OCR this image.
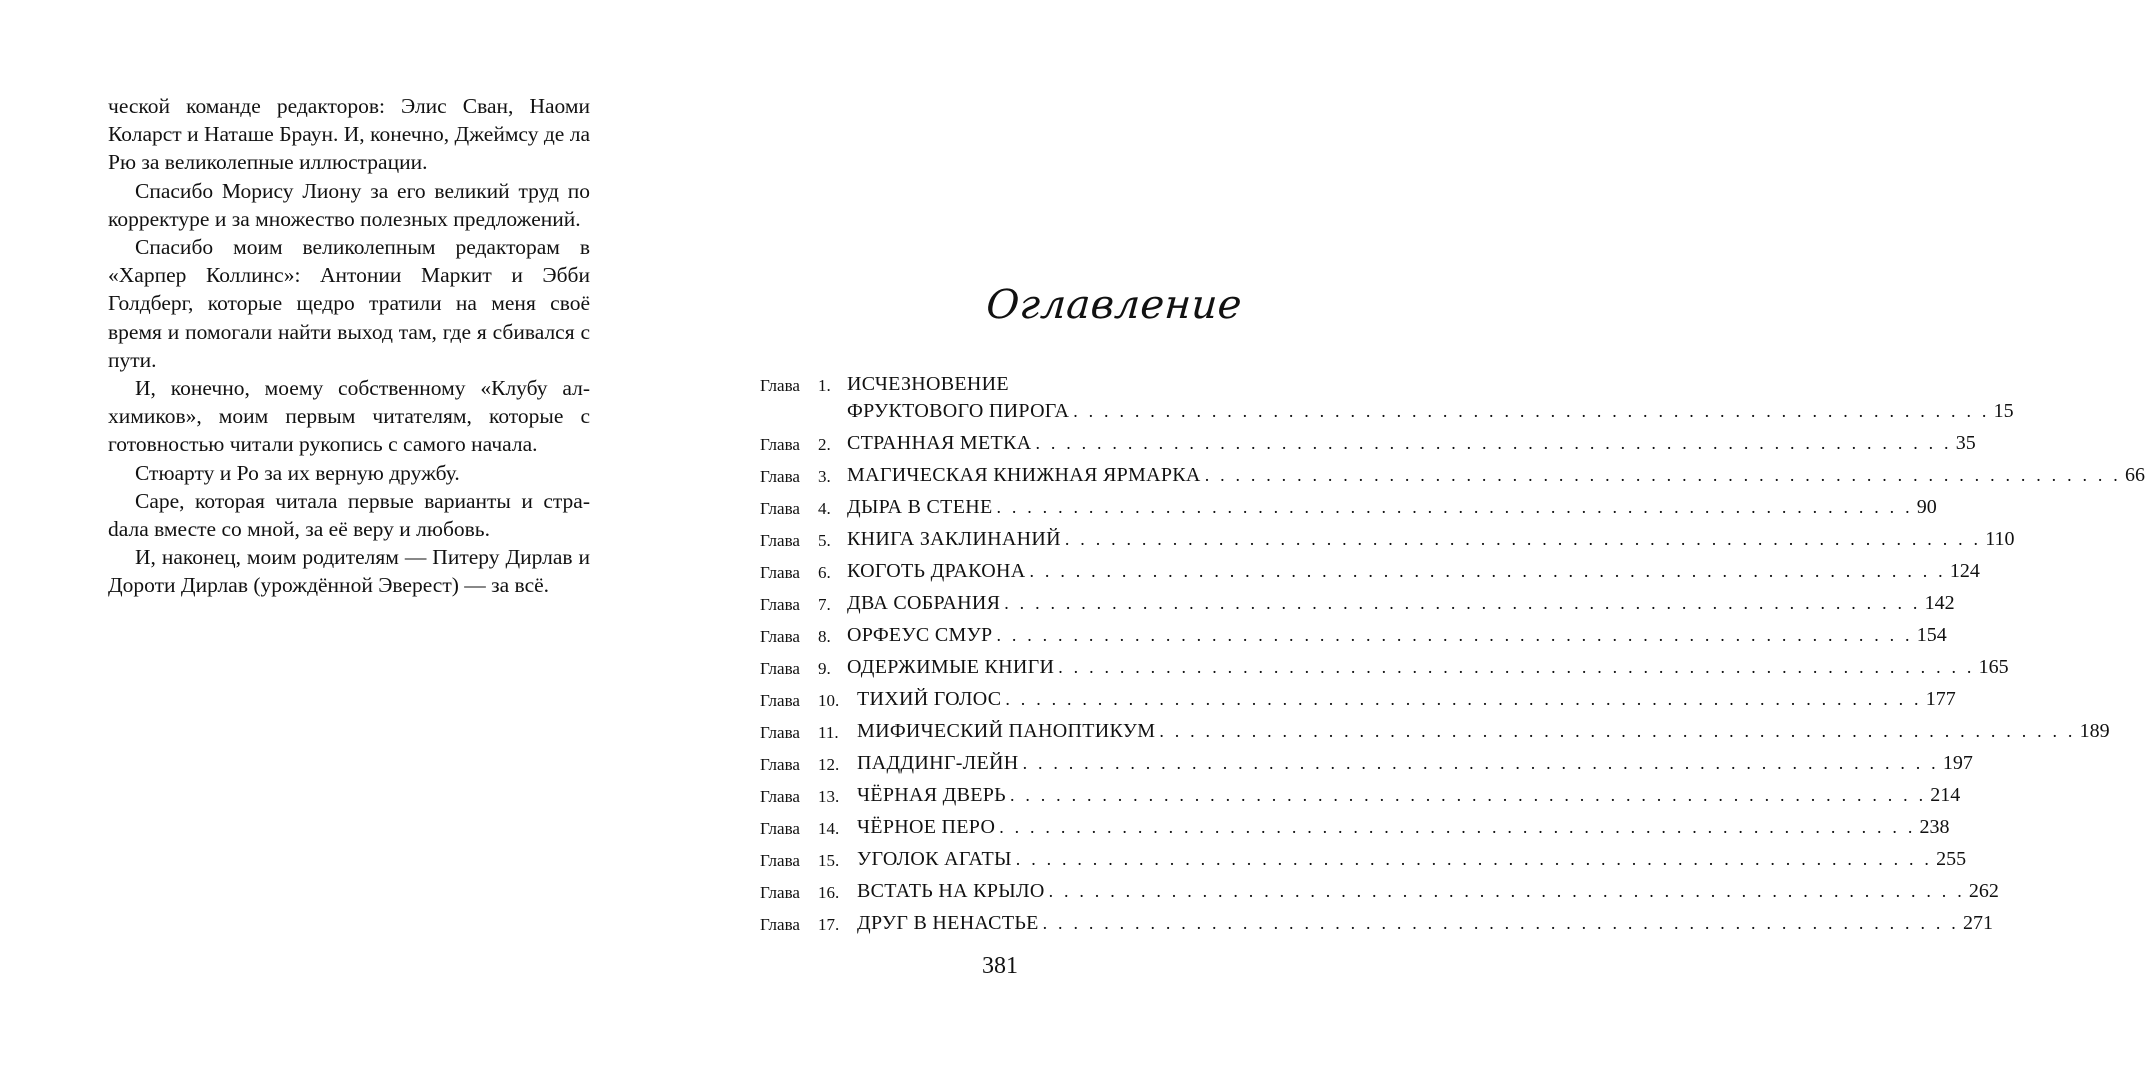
ческой команде редакторов: Элис Сван, Наоми Коларст и Наташе Браун. И, конечно, Джеймсу де ла Рю за великолепные иллюстрации.

Спасибо Морису Лиону за его великий труд по корректуре и за множество полезных предложений.

Спасибо моим великолепным редакторам в «Харпер Коллинс»: Антонии Маркит и Эбби Голдберг, которые щедро тратили на меня своё время и помогали найти выход там, где я сбивался с пути.

И, конечно, моему собственному «Клубу алхимиков», моим первым читателям, которые с готовностью читали рукопись с самого начала.

Стюарту и Ро за их верную дружбу.

Саре, которая читала первые варианты и страdала вместе со мной, за её веру и любовь.

И, наконец, моим родителям — Питеру Дирлав и Дороти Дирлав (урождённой Эверест) — за всё.

Оглавление
Глава	1. ИСЧЕЗНОВЕНИЕ
ФРУКТОВОГО ПИРОГА . . . . . . . . . . . . . . . . . . . . . . . . . . . . . . . . . . . . . . . . . . . . . . . . . . . . . . . . . . . . 15
Глава	2. СТРАННАЯ МЕТКА . . . . . . . . . . . . . . . . . . . . . . . . . . . . . . . . . . . . . . . . . . . . . . . . . . . . . . . . . . . . 35
Глава	3. МАГИЧЕСКАЯ КНИЖНАЯ ЯРМАРКА . . . . . . . . . . . . . . . . . . . . . . . . . . . . . . . . . . . . . . . . . . . . . . . . . . . . . . . . . . . . 66
Глава	4. ДЫРА В СТЕНЕ . . . . . . . . . . . . . . . . . . . . . . . . . . . . . . . . . . . . . . . . . . . . . . . . . . . . . . . . . . . . 90
Глава	5. КНИГА ЗАКЛИНАНИЙ . . . . . . . . . . . . . . . . . . . . . . . . . . . . . . . . . . . . . . . . . . . . . . . . . . . . . . . . . . . . 110
Глава	6. КОГОТЬ ДРАКОНА . . . . . . . . . . . . . . . . . . . . . . . . . . . . . . . . . . . . . . . . . . . . . . . . . . . . . . . . . . . . 124
Глава	7. ДВА СОБРАНИЯ . . . . . . . . . . . . . . . . . . . . . . . . . . . . . . . . . . . . . . . . . . . . . . . . . . . . . . . . . . . . 142
Глава	8. ОРФЕУС СМУР . . . . . . . . . . . . . . . . . . . . . . . . . . . . . . . . . . . . . . . . . . . . . . . . . . . . . . . . . . . . 154
Глава	9. ОДЕРЖИМЫЕ КНИГИ . . . . . . . . . . . . . . . . . . . . . . . . . . . . . . . . . . . . . . . . . . . . . . . . . . . . . . . . . . . . 165
Глава	10. ТИХИЙ ГОЛОС . . . . . . . . . . . . . . . . . . . . . . . . . . . . . . . . . . . . . . . . . . . . . . . . . . . . . . . . . . . . 177
Глава	11. МИФИЧЕСКИЙ ПАНОПТИКУМ . . . . . . . . . . . . . . . . . . . . . . . . . . . . . . . . . . . . . . . . . . . . . . . . . . . . . . . . . . . . 189
Глава	12. ПАДДИНГ-ЛЕЙН . . . . . . . . . . . . . . . . . . . . . . . . . . . . . . . . . . . . . . . . . . . . . . . . . . . . . . . . . . . . 197
Глава	13. ЧЁРНАЯ ДВЕРЬ . . . . . . . . . . . . . . . . . . . . . . . . . . . . . . . . . . . . . . . . . . . . . . . . . . . . . . . . . . . . 214
Глава	14. ЧЁРНОЕ ПЕРО . . . . . . . . . . . . . . . . . . . . . . . . . . . . . . . . . . . . . . . . . . . . . . . . . . . . . . . . . . . . 238
Глава	15. УГОЛОК АГАТЫ . . . . . . . . . . . . . . . . . . . . . . . . . . . . . . . . . . . . . . . . . . . . . . . . . . . . . . . . . . . . 255
Глава	16. ВСТАТЬ НА КРЫЛО . . . . . . . . . . . . . . . . . . . . . . . . . . . . . . . . . . . . . . . . . . . . . . . . . . . . . . . . . . . . 262
Глава	17. ДРУГ В НЕНАСТЬЕ . . . . . . . . . . . . . . . . . . . . . . . . . . . . . . . . . . . . . . . . . . . . . . . . . . . . . . . . . . . . 271
381
